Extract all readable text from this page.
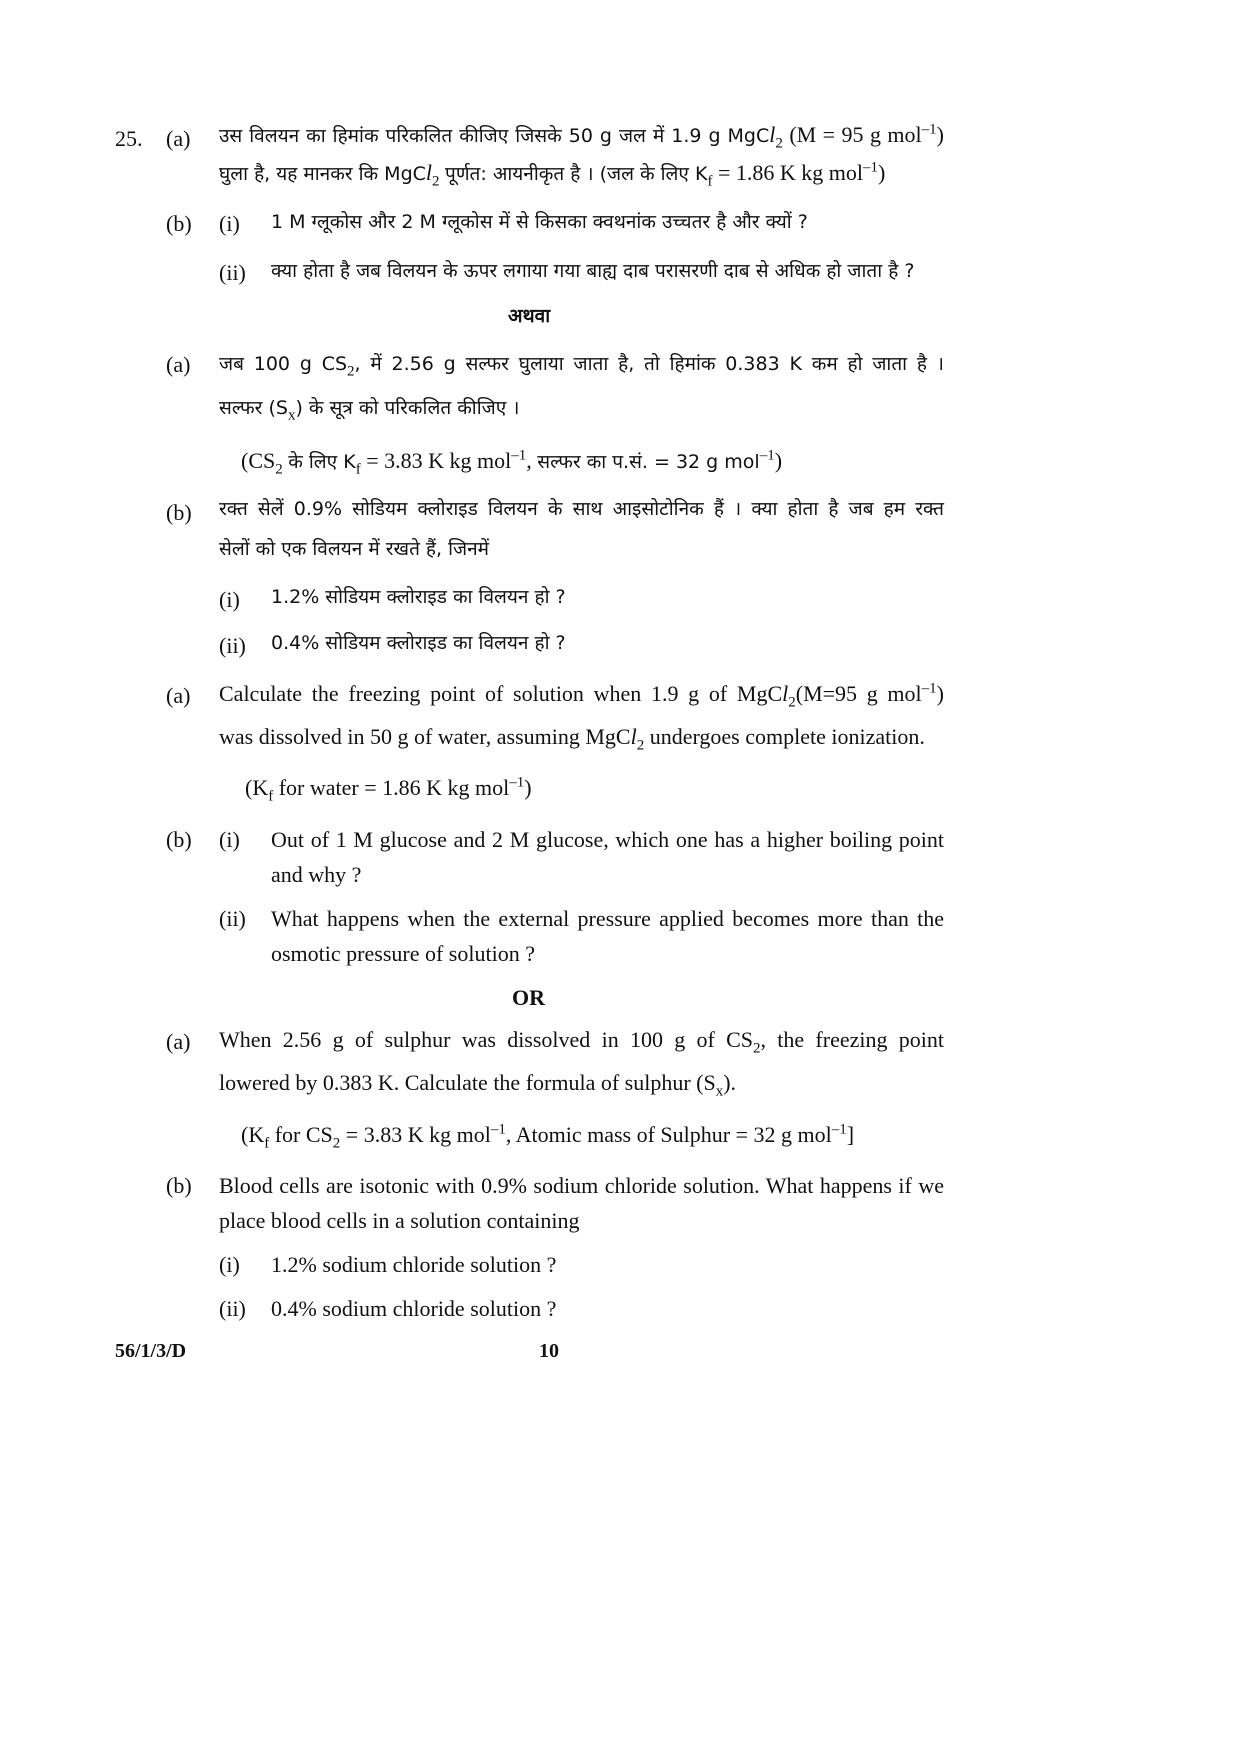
25. (a) उस विलयन का हिमांक परिकलित कीजिए जिसके 50 g जल में 1.9 g MgCl$_2$ (M = 95 g mol$^{-1}$)
घुला है, यह मानकर कि MgCl$_2$ पूर्णत: आयनीकृत है । (जल के लिए $K_f = 1.86$ K kg mol$^{-1}$)
(b) (i) 1 M ग्लूकोस और 2 M ग्लूकोस में से किसका क्वथनांक उच्चतर है और क्यों ?
(ii) क्या होता है जब विलयन के ऊपर लगाया गया बाह्य दाब परासरणी दाब से अधिक हो जाता है ?
अथवा
(a) जब 100 g $CS_2$, में 2.56 g सल्फर घुलाया जाता है, तो हिमांक 0.383 K कम हो जाता है ।
सल्फर $(S_x)$ के सूत्र को परिकलित कीजिए ।
($CS_2$ के लिए $K_f = 3.83$ K kg mol$^{-1}$, सल्फर का प.सं. = 32 g mol$^{-1}$)
(b) रक्त सेलें 0.9% सोडियम क्लोराइड विलयन के साथ आइसोटोनिक हैं । क्या होता है जब हम रक्त
सेलों को एक विलयन में रखते हैं, जिनमें
(i) 1.2% सोडियम क्लोराइड का विलयन हो ?
(ii) 0.4% सोडियम क्लोराइड का विलयन हो ?
(a) Calculate the freezing point of solution when 1.9 g of MgCl$_2$(M=95 g mol$^{-1}$)
was dissolved in 50 g of water, assuming MgCl$_2$ undergoes complete ionization.
($K_f$ for water = 1.86 K kg mol$^{-1}$)
(b) (i) Out of 1 M glucose and 2 M glucose, which one has a higher boiling point
and why ?
(ii) What happens when the external pressure applied becomes more than the
osmotic pressure of solution ?
OR
(a) When 2.56 g of sulphur was dissolved in 100 g of $CS_2$, the freezing point
lowered by 0.383 K. Calculate the formula of sulphur $(S_x)$.
($K_f$ for $CS_2 = 3.83$ K kg mol$^{-1}$, Atomic mass of Sulphur = 32 g mol$^{-1}$]
(b) Blood cells are isotonic with 0.9% sodium chloride solution. What happens if we
place blood cells in a solution containing
(i) 1.2% sodium chloride solution ?
(ii) 0.4% sodium chloride solution ?
56/1/3/D	10
